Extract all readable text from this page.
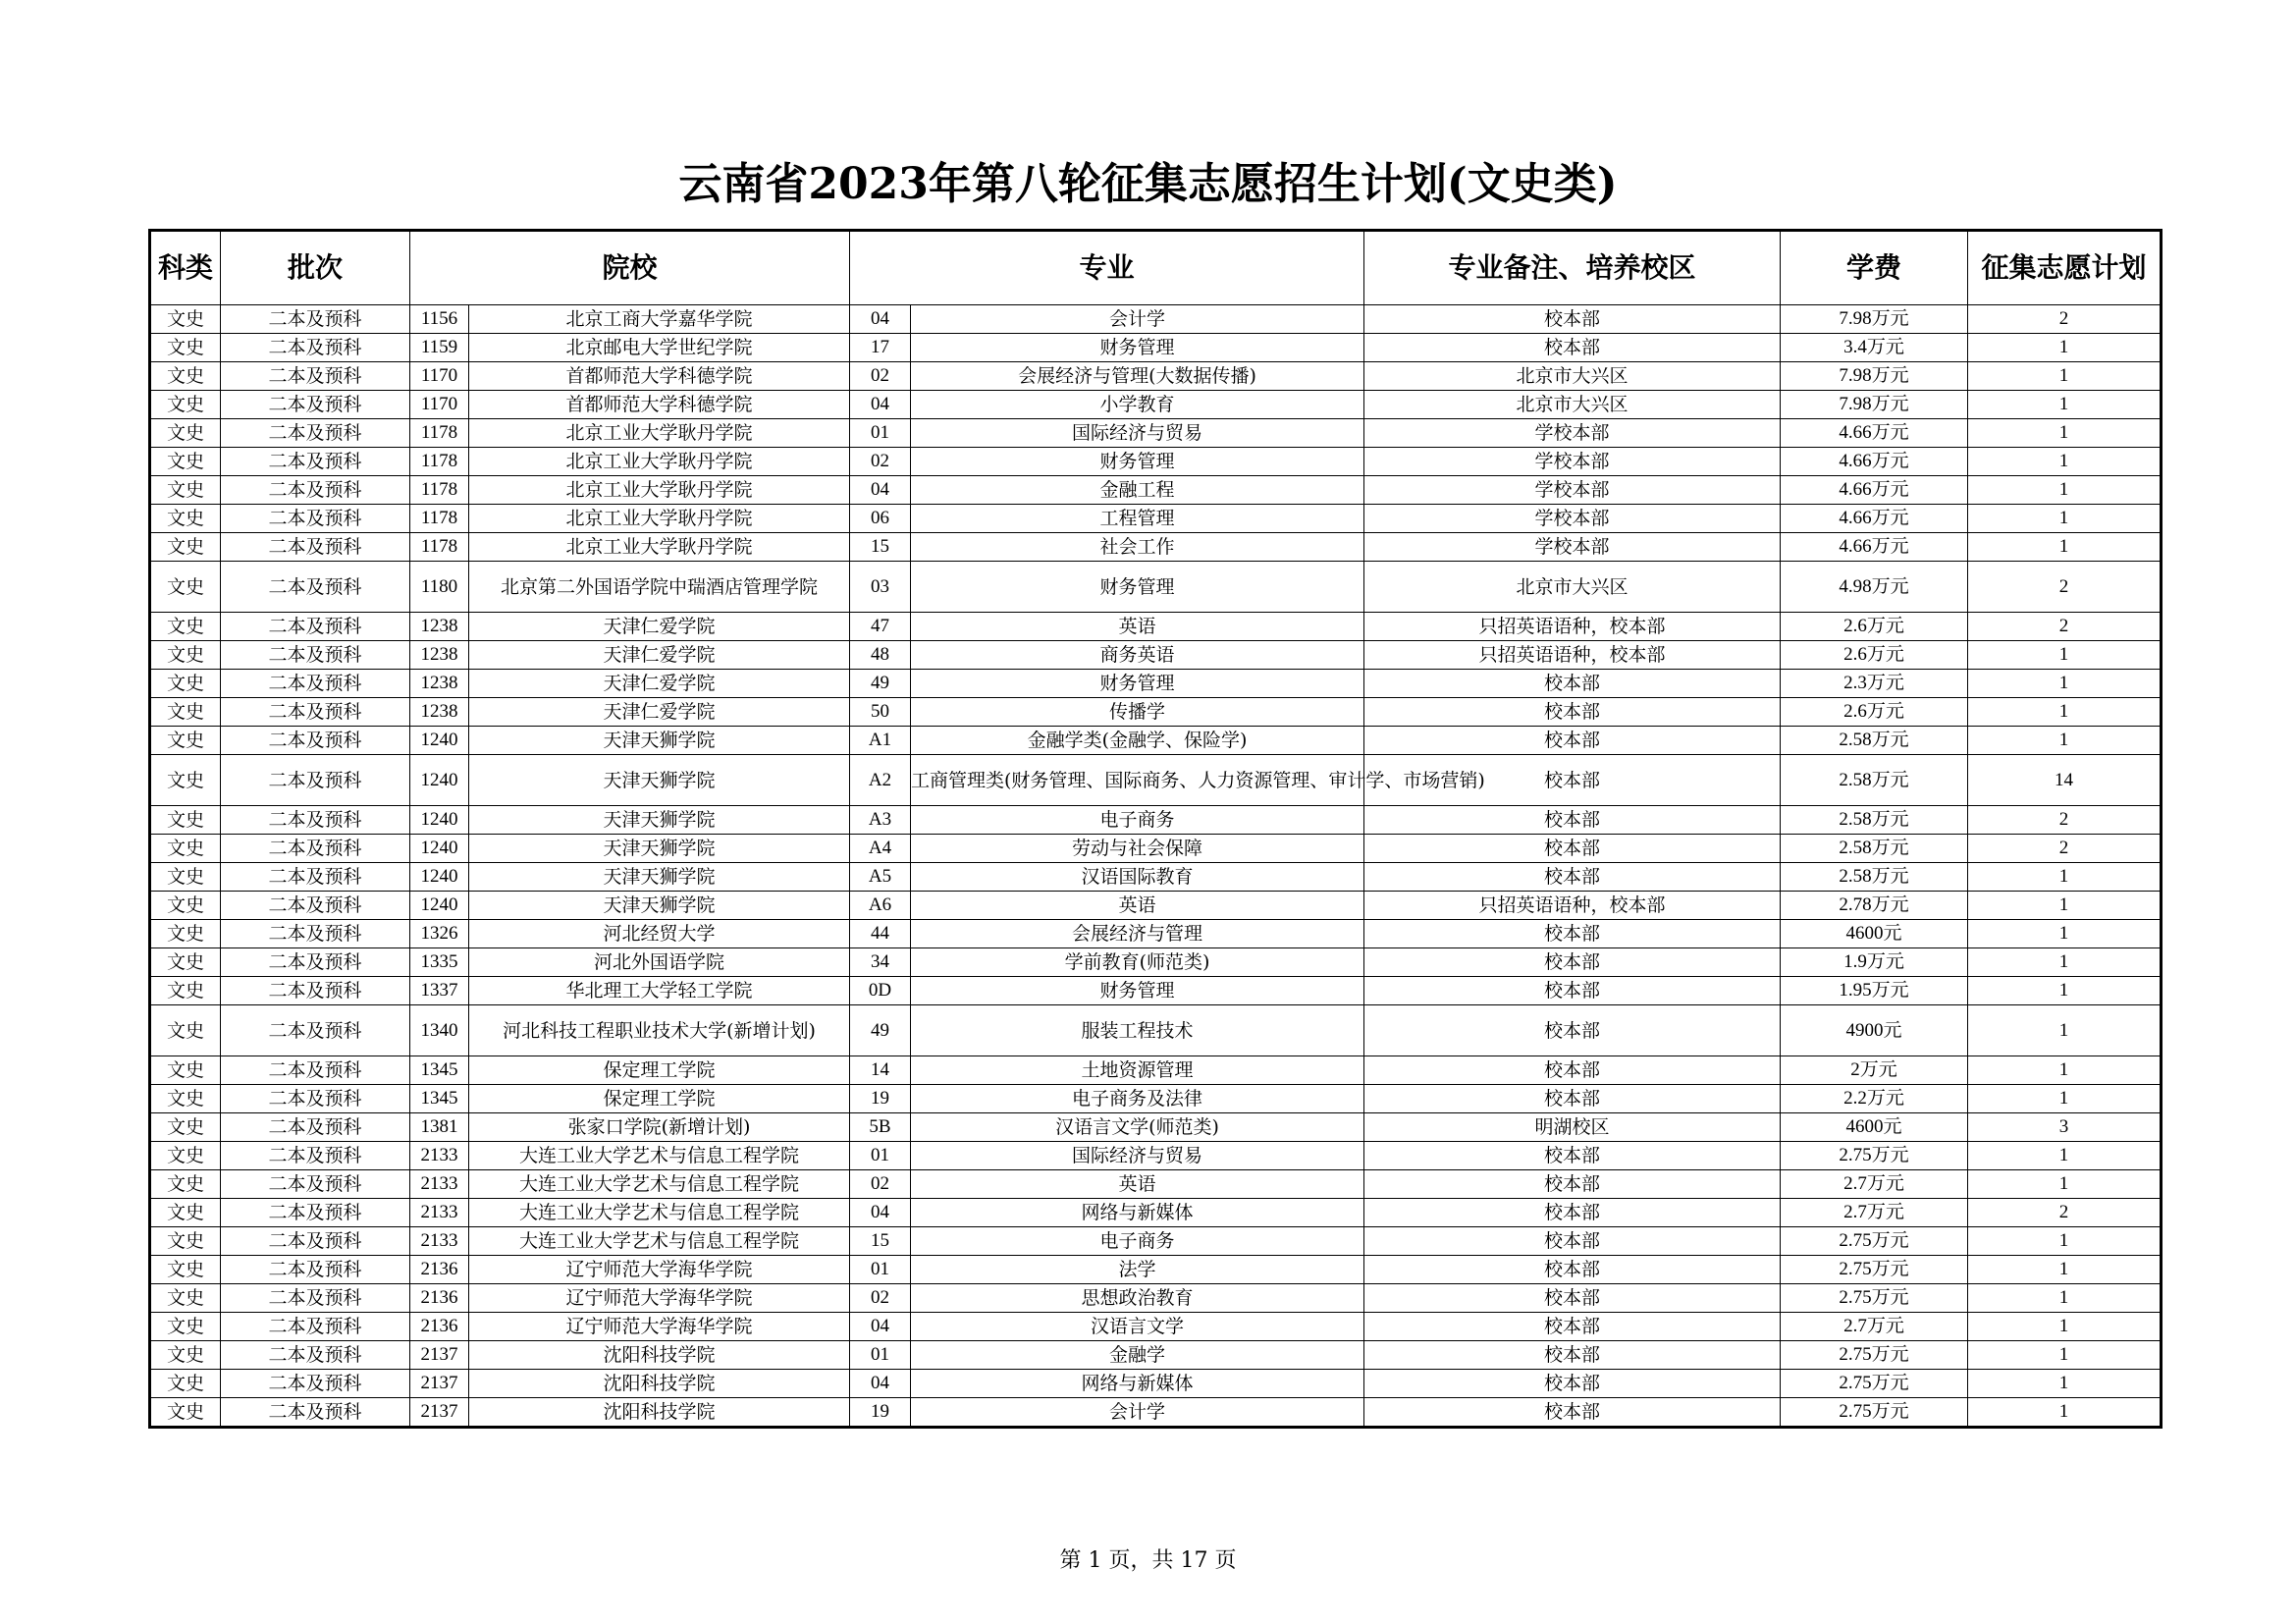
云南省2023年第八轮征集志愿招生计划(文史类)
科类	批次	院校		专业		专业备注、培养校区	学费	征集志愿计划
文史	二本及预科	1156	北京工商大学嘉华学院	04	会计学	校本部	7.98万元	2
文史	二本及预科	1159	北京邮电大学世纪学院	17	财务管理	校本部	3.4万元	1
文史	二本及预科	1170	首都师范大学科德学院	02	会展经济与管理(大数据传播)	北京市大兴区	7.98万元	1
文史	二本及预科	1170	首都师范大学科德学院	04	小学教育	北京市大兴区	7.98万元	1
文史	二本及预科	1178	北京工业大学耿丹学院	01	国际经济与贸易	学校本部	4.66万元	1
文史	二本及预科	1178	北京工业大学耿丹学院	02	财务管理	学校本部	4.66万元	1
文史	二本及预科	1178	北京工业大学耿丹学院	04	金融工程	学校本部	4.66万元	1
文史	二本及预科	1178	北京工业大学耿丹学院	06	工程管理	学校本部	4.66万元	1
文史	二本及预科	1178	北京工业大学耿丹学院	15	社会工作	学校本部	4.66万元	1
文史	二本及预科	1180	北京第二外国语学院中瑞酒店管理学院	03	财务管理	北京市大兴区	4.98万元	2
文史	二本及预科	1238	天津仁爱学院	47	英语	只招英语语种，校本部	2.6万元	2
文史	二本及预科	1238	天津仁爱学院	48	商务英语	只招英语语种，校本部	2.6万元	1
文史	二本及预科	1238	天津仁爱学院	49	财务管理	校本部	2.3万元	1
文史	二本及预科	1238	天津仁爱学院	50	传播学	校本部	2.6万元	1
文史	二本及预科	1240	天津天狮学院	A1	金融学类(金融学、保险学)	校本部	2.58万元	1
文史	二本及预科	1240	天津天狮学院	A2	工商管理类(财务管理、国际商务、人力资源管理、审计学、市场营销)	校本部	2.58万元	14
文史	二本及预科	1240	天津天狮学院	A3	电子商务	校本部	2.58万元	2
文史	二本及预科	1240	天津天狮学院	A4	劳动与社会保障	校本部	2.58万元	2
文史	二本及预科	1240	天津天狮学院	A5	汉语国际教育	校本部	2.58万元	1
文史	二本及预科	1240	天津天狮学院	A6	英语	只招英语语种，校本部	2.78万元	1
文史	二本及预科	1326	河北经贸大学	44	会展经济与管理	校本部	4600元	1
文史	二本及预科	1335	河北外国语学院	34	学前教育(师范类)	校本部	1.9万元	1
文史	二本及预科	1337	华北理工大学轻工学院	0D	财务管理	校本部	1.95万元	1
文史	二本及预科	1340	河北科技工程职业技术大学(新增计划)	49	服装工程技术	校本部	4900元	1
文史	二本及预科	1345	保定理工学院	14	土地资源管理	校本部	2万元	1
文史	二本及预科	1345	保定理工学院	19	电子商务及法律	校本部	2.2万元	1
文史	二本及预科	1381	张家口学院(新增计划)	5B	汉语言文学(师范类)	明湖校区	4600元	3
文史	二本及预科	2133	大连工业大学艺术与信息工程学院	01	国际经济与贸易	校本部	2.75万元	1
文史	二本及预科	2133	大连工业大学艺术与信息工程学院	02	英语	校本部	2.7万元	1
文史	二本及预科	2133	大连工业大学艺术与信息工程学院	04	网络与新媒体	校本部	2.7万元	2
文史	二本及预科	2133	大连工业大学艺术与信息工程学院	15	电子商务	校本部	2.75万元	1
文史	二本及预科	2136	辽宁师范大学海华学院	01	法学	校本部	2.75万元	1
文史	二本及预科	2136	辽宁师范大学海华学院	02	思想政治教育	校本部	2.75万元	1
文史	二本及预科	2136	辽宁师范大学海华学院	04	汉语言文学	校本部	2.7万元	1
文史	二本及预科	2137	沈阳科技学院	01	金融学	校本部	2.75万元	1
文史	二本及预科	2137	沈阳科技学院	04	网络与新媒体	校本部	2.75万元	1
文史	二本及预科	2137	沈阳科技学院	19	会计学	校本部	2.75万元	1
第 1 页，共 17 页
